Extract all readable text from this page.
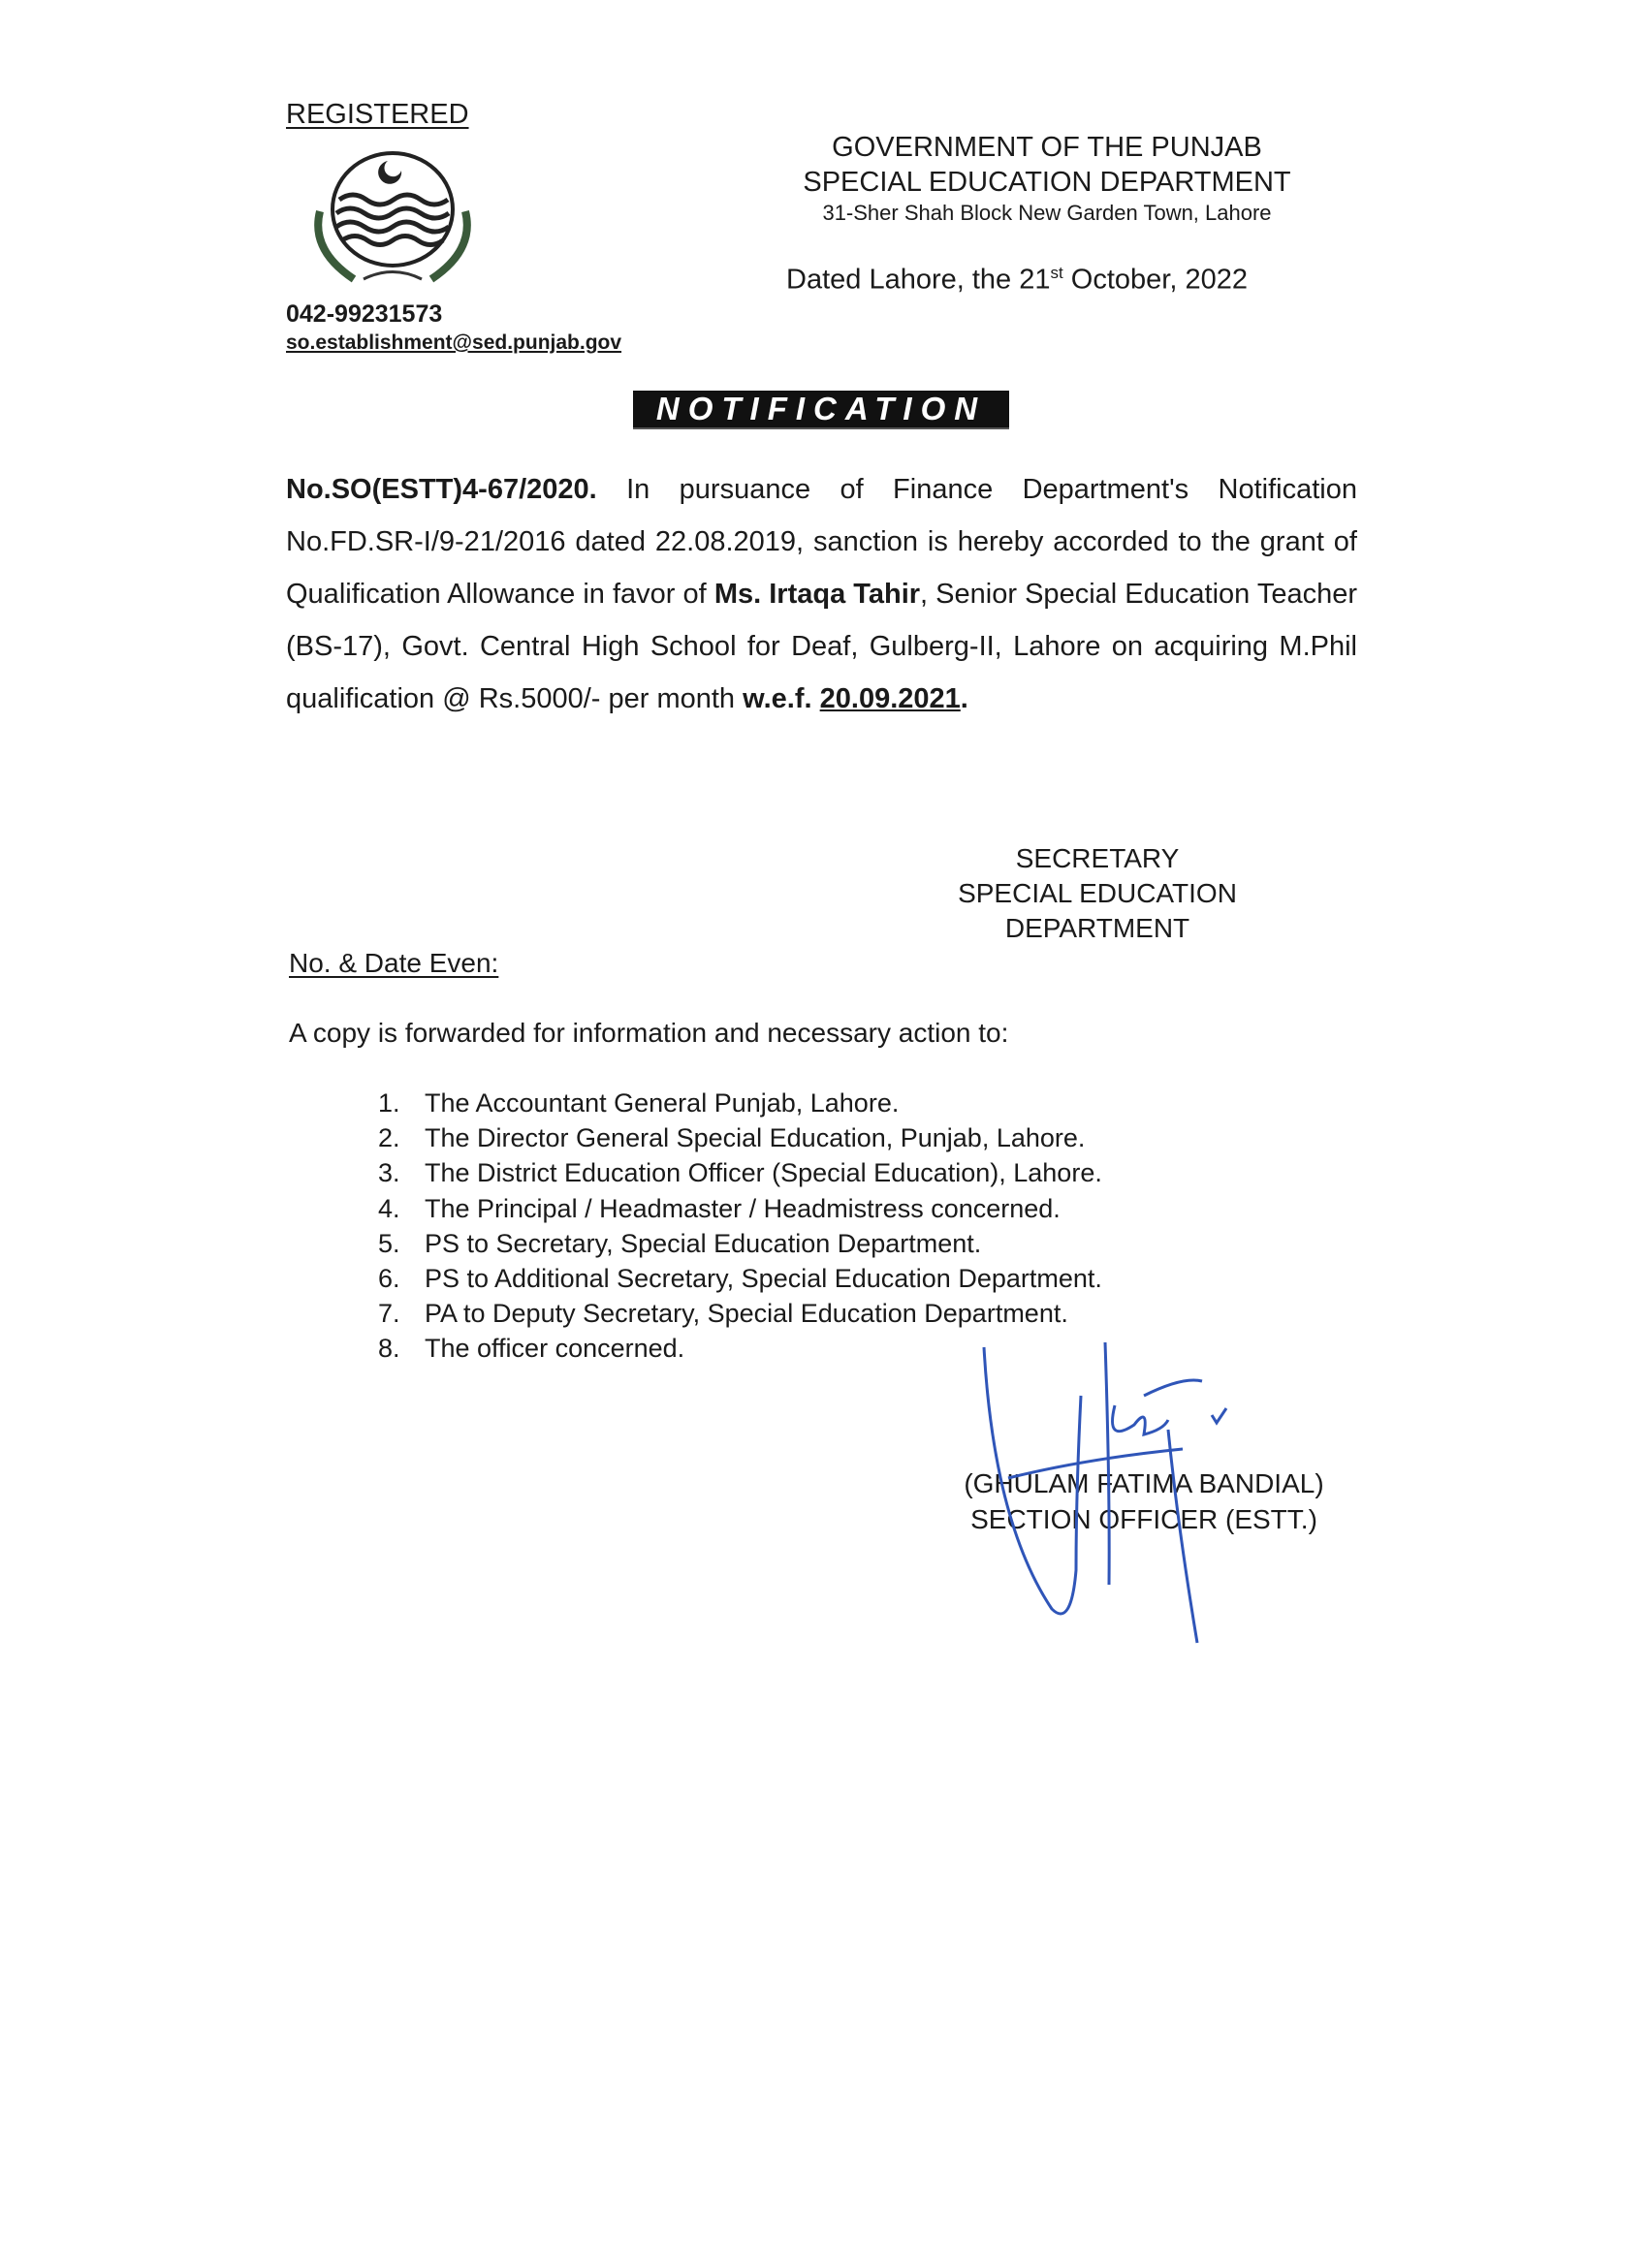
REGISTERED
042-99231573
so.establishment@sed.punjab.gov
GOVERNMENT OF THE PUNJAB
SPECIAL EDUCATION DEPARTMENT
31-Sher Shah Block New Garden Town, Lahore
Dated Lahore, the 21st October, 2022
NOTIFICATION
No.SO(ESTT)4-67/2020. In pursuance of Finance Department's Notification No.FD.SR-I/9-21/2016 dated 22.08.2019, sanction is hereby accorded to the grant of Qualification Allowance in favor of Ms. Irtaqa Tahir, Senior Special Education Teacher (BS-17), Govt. Central High School for Deaf, Gulberg-II, Lahore on acquiring M.Phil qualification @ Rs.5000/- per month w.e.f. 20.09.2021.
SECRETARY
SPECIAL EDUCATION
DEPARTMENT
No. & Date Even:
A copy is forwarded for information and necessary action to:
1. The Accountant General Punjab, Lahore.
2. The Director General Special Education, Punjab, Lahore.
3. The District Education Officer (Special Education), Lahore.
4. The Principal / Headmaster / Headmistress concerned.
5. PS to Secretary, Special Education Department.
6. PS to Additional Secretary, Special Education Department.
7. PA to Deputy Secretary, Special Education Department.
8. The officer concerned.
(GHULAM FATIMA BANDIAL)
SECTION OFFICER (ESTT.)
